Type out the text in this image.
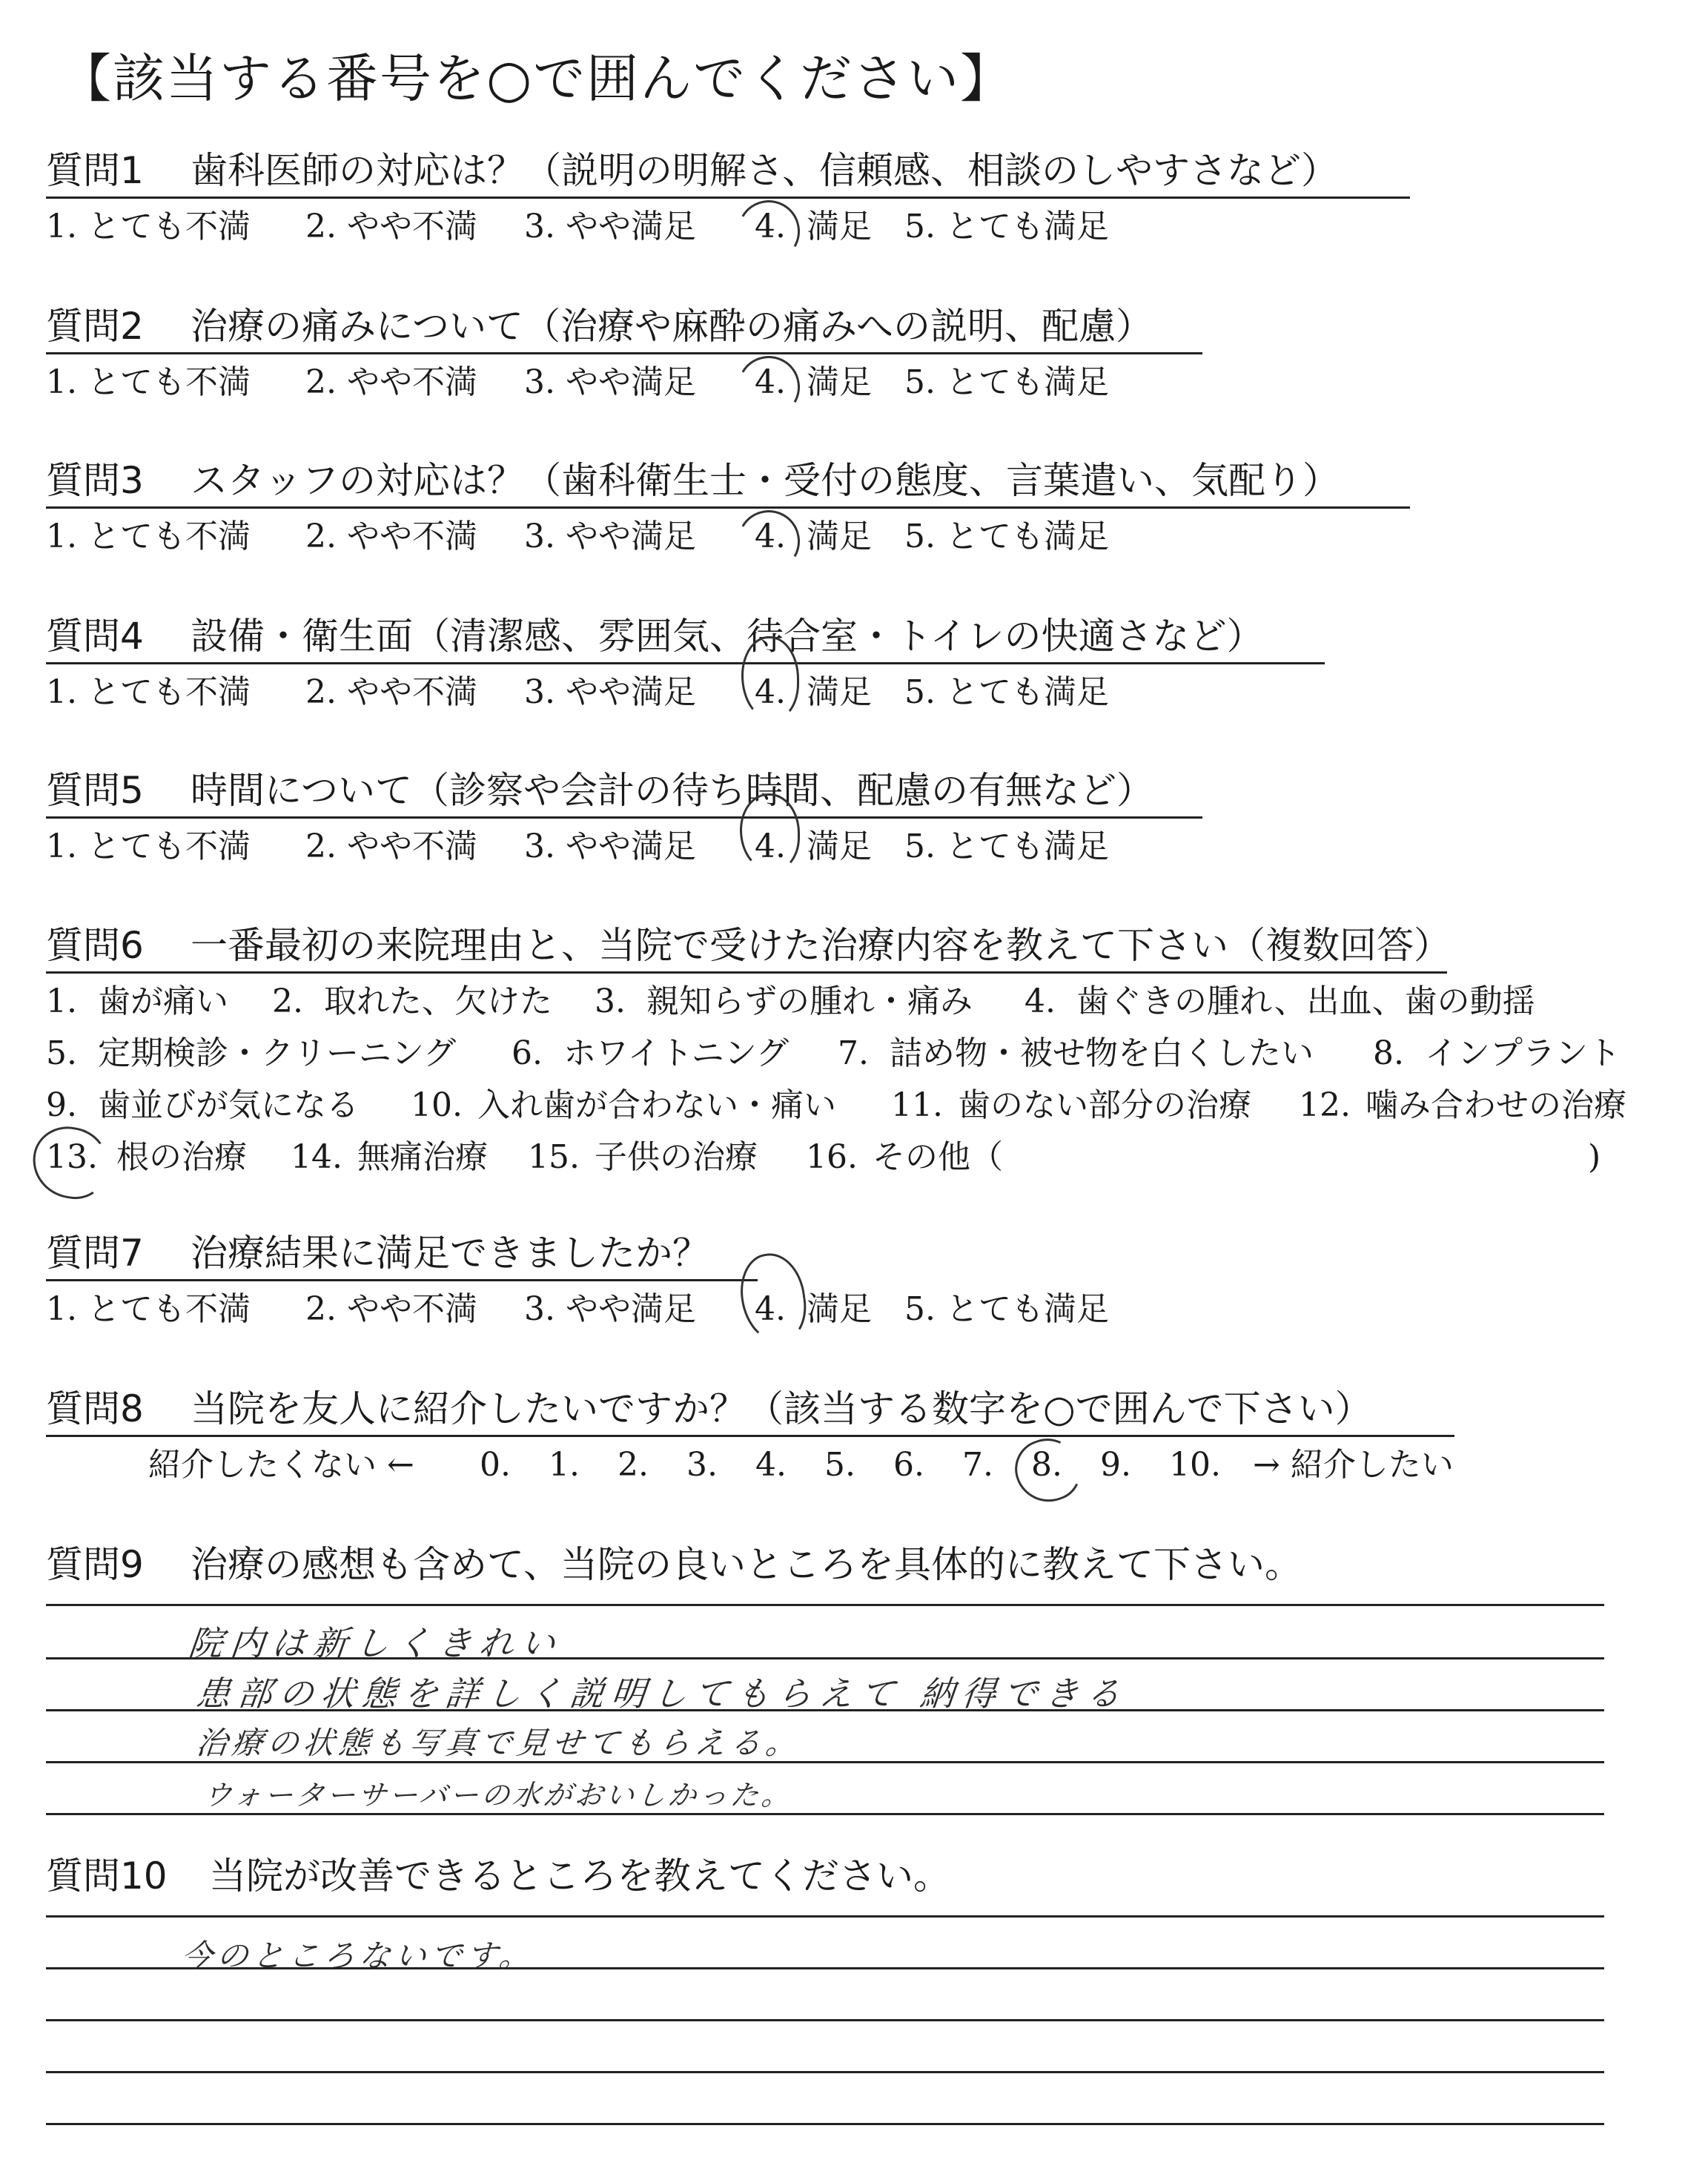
【該当する番号を○で囲んでください】
質問1 歯科医師の対応は？（説明の明解さ、信頼感、相談のしやすさなど）
1. とても不満 2. やや不満 3. やや満足 4. 満足 5. とても満足
質問2 治療の痛みについて（治療や麻酔の痛みへの説明、配慮）
1. とても不満 2. やや不満 3. やや満足 4. 満足 5. とても満足
質問3 スタッフの対応は？（歯科衛生士・受付の態度、言葉遣い、気配り）
1. とても不満 2. やや不満 3. やや満足 4. 満足 5. とても満足
質問4 設備・衛生面（清潔感、雰囲気、待合室・トイレの快適さなど）
1. とても不満 2. やや不満 3. やや満足 4. 満足 5. とても満足
質問5 時間について（診察や会計の待ち時間、配慮の有無など）
1. とても不満 2. やや不満 3. やや満足 4. 満足 5. とても満足
質問6 一番最初の来院理由と、当院で受けた治療内容を教えて下さい（複数回答）
1. 歯が痛い 2. 取れた、欠けた 3. 親知らずの腫れ・痛み 4. 歯ぐきの腫れ、出血、歯の動揺
5. 定期検診・クリーニング 6. ホワイトニング 7. 詰め物・被せ物を白くしたい 8. インプラント
9. 歯並びが気になる 10. 入れ歯が合わない・痛い 11. 歯のない部分の治療 12. 噛み合わせの治療
13. 根の治療 14. 無痛治療 15. 子供の治療 16. その他（	)
質問7 治療結果に満足できましたか？
1. とても不満 2. やや不満 3. やや満足 4. 満足 5. とても満足
質問8 当院を友人に紹介したいですか？（該当する数字を○で囲んで下さい）
紹介したくない ← 0. 1. 2. 3. 4. 5. 6. 7. 8. 9. 10. → 紹介したい
質問9 治療の感想も含めて、当院の良いところを具体的に教えて下さい。
院内は新しくきれい
患部の状態を詳しく説明してもらえて 納得できる
治療の状態も写真で見せてもらえる。
ウォーターサーバーの水がおいしかった。
質問10 当院が改善できるところを教えてください。
今のところないです。
